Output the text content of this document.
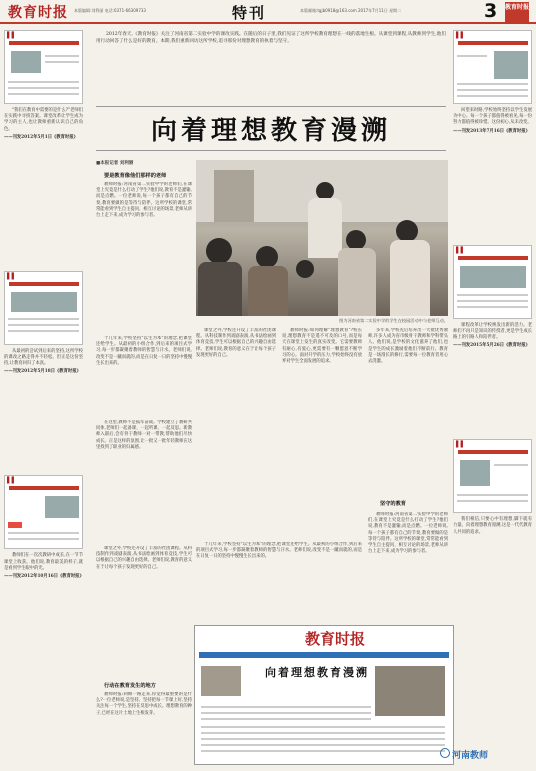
教育时报 本版编辑:刘利丽 电话:0371-66309733	特刊	本版邮箱:tgjb0918@163.com 2017年7月11日 星期二	3 教育时报
▌▌
"我们在教育中需要的是什么?"老师们在实践中寻找答案。课堂改革让学生成为学习的主人,也让教师重新认识自己的角色。
——刊发2012年5月1日《教育时报》
▌▌
从最初的尝试到后来的坚持,这所学校的课改之路走得并不轻松。但正是这份坚持,让教育回归了本真。
——刊发2012年5月18日《教育时报》
▌▌
教师们在一次次教研中成长,在一节节课堂上收获。他们说,教育最美的样子,就是看到学生眼中的光。
——刊发2012年10月16日《教育时报》
2012年春天,《教育时报》关注了河南省第二实验中学的课改实践。在随后的日子里,我们见证了这所学校教育理想在一线的落地生根。从课堂到课程,从教师到学生,他们用行动回答了什么是好的教育。本期,我们重新回访这所学校,追寻那份对理想教育的执着与坚守。
向着理想教育漫溯
■本报记者 刘利丽
要是教育像他们那样的老师
教师时报:河南省第二实验中学的老师们,在课堂上究竟是什么打动了学生?他们说,教育不是灌输,而是点燃。一位老师说,每一个孩子都有自己的节奏,教育要做的是等待与陪伴。这所学校的课堂,常常能看到学生自主提问、相互讨论的场景,老师从讲台上走下来,成为学习的参与者。
十几年来,学校坚持"以生为本"的理念,把课堂还给学生。从最初的小组合作,到后来的项目式学习,每一步都凝聚着教师的智慧与汗水。老师们说,改变不是一蹴而就的,而是在日复一日的坚持中慢慢生长出来的。
图为河南省第二实验中学的学生在校园活动中与老师互动。
在这里,教师不是孤军奋战。学校建立了教研共同体,老师们一起备课、一起听课、一起反思。新教师入职后,会有骨干教师一对一带教,帮助他们尽快成长。正是这样的氛围,让一批又一批年轻教师在这里找到了职业的归属感。
课堂之外,学校还开设了丰富的社团课程。从科技制作到戏剧表演,从书法绘画到体育竞技,学生可以根据自己的兴趣自由选择。老师们说,教育的意义在于让每个孩子发现更好的自己。
教师时报:如何理解"理想教育"?校长说,理想教育不是遥不可及的口号,而是每天在课堂上发生的真实改变。它需要教师有耐心,有爱心,更需要有一颗愿意不断学习的心。面对升学的压力,学校始终没有放弃对学生全面发展的追求。
坚守的教育
多年来,学校先后培养出一大批优秀教师,许多人成为省市级骨干教师和学科带头人。他们说,是学校的文化滋养了他们,也是学生的成长激励着他们不断前行。教育是一场漫长的修行,需要每一位教育者用心去浇灌。
教师时报:河南省第二实验中学的老师们,在课堂上究竟是什么打动了学生?他们说,教育不是灌输,而是点燃。一位老师说,每一个孩子都有自己的节奏,教育要做的是等待与陪伴。这所学校的课堂,常常能看到学生自主提问、相互讨论的场景,老师从讲台上走下来,成为学习的参与者。
十几年来,学校坚持"以生为本"的理念,把课堂还给学生。从最初的小组合作,到后来的项目式学习,每一步都凝聚着教师的智慧与汗水。老师们说,改变不是一蹴而就的,而是在日复一日的坚持中慢慢生长出来的。
行动在教育发生的地方
课堂之外,学校还开设了丰富的社团课程。从科技制作到戏剧表演,从书法绘画到体育竞技,学生可以根据自己的兴趣自由选择。老师们说,教育的意义在于让每个孩子发现更好的自己。
教师时报:回顾一路走来,你觉得最重要的是什么?一位老师说,是坚持。坚持把每一节课上好,坚持关注每一个学生,坚持在反思中成长。理想教育的种子,已经在这片土地上生根发芽。
教育时报
向着理想教育漫溯
▌▌
回望来时路,学校始终坚持以学生发展为中心。每一个孩子都值得被看见,每一份努力都值得被珍惜。这份初心,从未改变。
——刊发2013年7月16日《教育时报》
▌▌
课程改革让学校焕发出新的活力。老师们不再只是知识的传授者,更是学生成长路上的引路人和陪伴者。
——刊发2015年5月26日《教育时报》
▌▌
我们相信,只要心中有理想,脚下就有力量。向着理想教育漫溯,这是一代代教育人共同的追求。
河南教师
